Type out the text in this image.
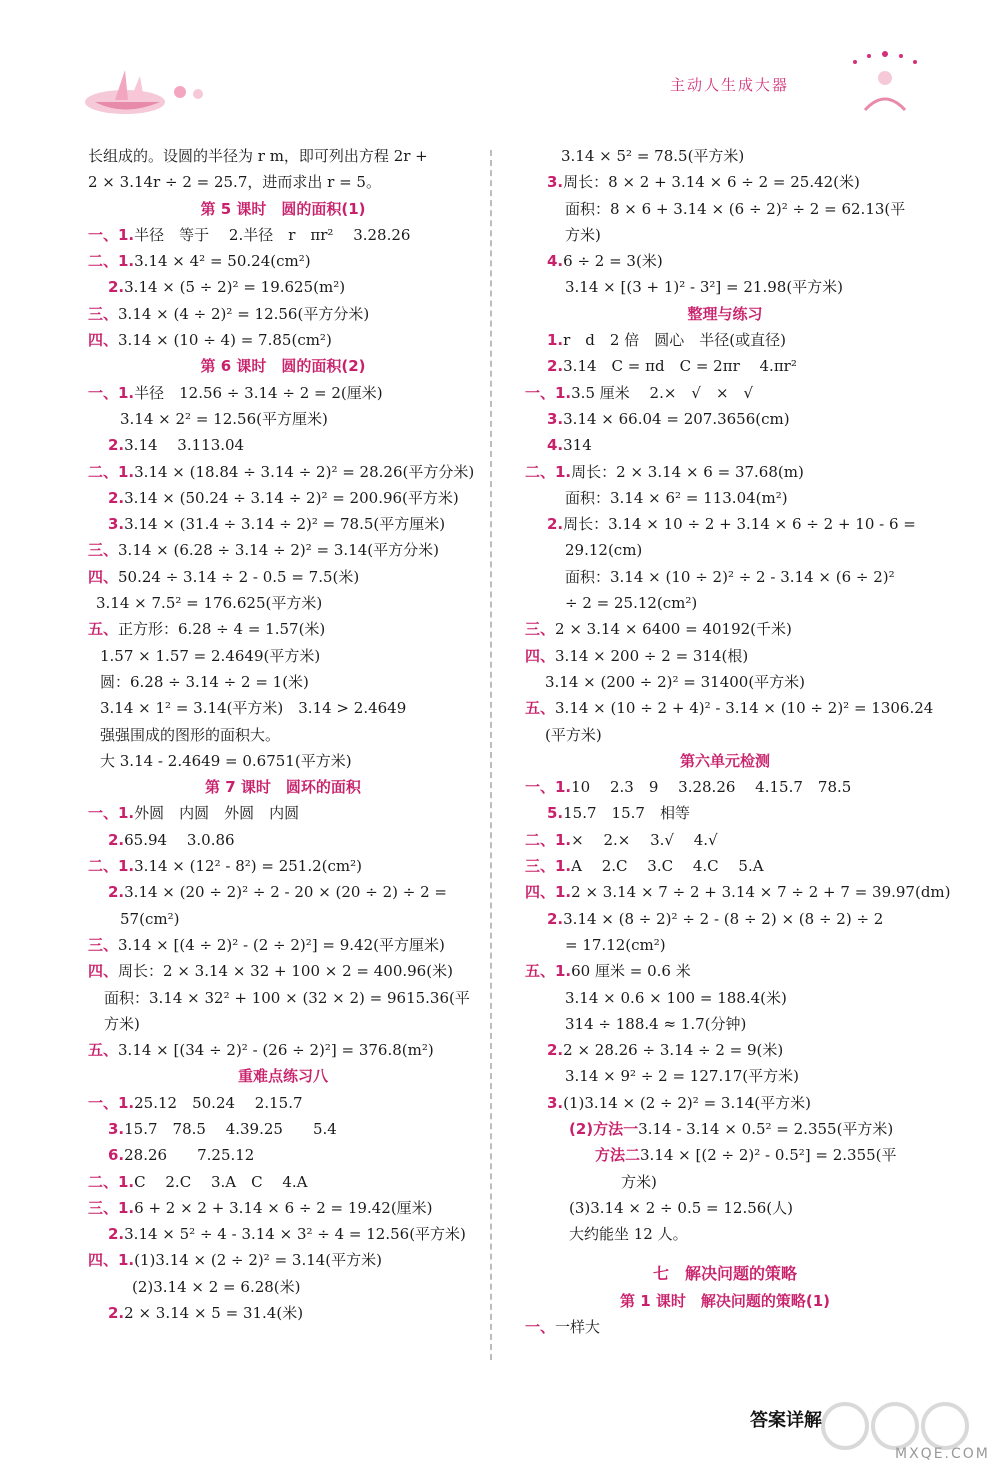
主动人生成大器
长组成的。设圆的半径为 r m，即可列出方程 2r +
2 × 3.14r ÷ 2 = 25.7，进而求出 r = 5。
第 5 课时　圆的面积(1)
一、1.半径　等于　 2.半径　r　πr²　 3.28.26
二、1.3.14 × 4² = 50.24(cm²)
2.3.14 × (5 ÷ 2)² = 19.625(m²)
三、3.14 × (4 ÷ 2)² = 12.56(平方分米)
四、3.14 × (10 ÷ 4) = 7.85(cm²)
第 6 课时　圆的面积(2)
一、1.半径　12.56 ÷ 3.14 ÷ 2 = 2(厘米)
3.14 × 2² = 12.56(平方厘米)
2.3.14　 3.113.04
二、1.3.14 × (18.84 ÷ 3.14 ÷ 2)² = 28.26(平方分米)
2.3.14 × (50.24 ÷ 3.14 ÷ 2)² = 200.96(平方米)
3.3.14 × (31.4 ÷ 3.14 ÷ 2)² = 78.5(平方厘米)
三、3.14 × (6.28 ÷ 3.14 ÷ 2)² = 3.14(平方分米)
四、50.24 ÷ 3.14 ÷ 2 - 0.5 = 7.5(米)
3.14 × 7.5² = 176.625(平方米)
五、正方形：6.28 ÷ 4 = 1.57(米)
1.57 × 1.57 = 2.4649(平方米)
圆：6.28 ÷ 3.14 ÷ 2 = 1(米)
3.14 × 1² = 3.14(平方米)　3.14 > 2.4649
强强围成的图形的面积大。
大 3.14 - 2.4649 = 0.6751(平方米)
第 7 课时　圆环的面积
一、1.外圆　内圆　外圆　内圆
2.65.94　 3.0.86
二、1.3.14 × (12² - 8²) = 251.2(cm²)
2.3.14 × (20 ÷ 2)² ÷ 2 - 20 × (20 ÷ 2) ÷ 2 =
57(cm²)
三、3.14 × [(4 ÷ 2)² - (2 ÷ 2)²] = 9.42(平方厘米)
四、周长：2 × 3.14 × 32 + 100 × 2 = 400.96(米)
面积：3.14 × 32² + 100 × (32 × 2) = 9615.36(平
方米)
五、3.14 × [(34 ÷ 2)² - (26 ÷ 2)²] = 376.8(m²)
重难点练习八
一、1.25.12　50.24　 2.15.7
3.15.7　78.5　 4.39.25　　5.4
6.28.26　　7.25.12
二、1.C　 2.C　 3.A　C　 4.A
三、1.6 + 2 × 2 + 3.14 × 6 ÷ 2 = 19.42(厘米)
2.3.14 × 5² ÷ 4 - 3.14 × 3² ÷ 4 = 12.56(平方米)
四、1.(1)3.14 × (2 ÷ 2)² = 3.14(平方米)
(2)3.14 × 2 = 6.28(米)
2.2 × 3.14 × 5 = 31.4(米)
3.14 × 5² = 78.5(平方米)
3.周长：8 × 2 + 3.14 × 6 ÷ 2 = 25.42(米)
面积：8 × 6 + 3.14 × (6 ÷ 2)² ÷ 2 = 62.13(平
方米)
4.6 ÷ 2 = 3(米)
3.14 × [(3 + 1)² - 3²] = 21.98(平方米)
整理与练习
1.r　d　2 倍　圆心　半径(或直径)
2.3.14　C = πd　C = 2πr　 4.πr²
一、1.3.5 厘米　 2.×　√　×　√
3.3.14 × 66.04 = 207.3656(cm)
4.314
二、1.周长：2 × 3.14 × 6 = 37.68(m)
面积：3.14 × 6² = 113.04(m²)
2.周长：3.14 × 10 ÷ 2 + 3.14 × 6 ÷ 2 + 10 - 6 =
29.12(cm)
面积：3.14 × (10 ÷ 2)² ÷ 2 - 3.14 × (6 ÷ 2)²
÷ 2 = 25.12(cm²)
三、2 × 3.14 × 6400 = 40192(千米)
四、3.14 × 200 ÷ 2 = 314(根)
3.14 × (200 ÷ 2)² = 31400(平方米)
五、3.14 × (10 ÷ 2 + 4)² - 3.14 × (10 ÷ 2)² = 1306.24
(平方米)
第六单元检测
一、1.10　 2.3　9　 3.28.26　 4.15.7　78.5
5.15.7　15.7　相等
二、1.×　 2.×　 3.√　 4.√
三、1.A　 2.C　 3.C　 4.C　 5.A
四、1.2 × 3.14 × 7 ÷ 2 + 3.14 × 7 ÷ 2 + 7 = 39.97(dm)
2.3.14 × (8 ÷ 2)² ÷ 2 - (8 ÷ 2) × (8 ÷ 2) ÷ 2
= 17.12(cm²)
五、1.60 厘米 = 0.6 米
3.14 × 0.6 × 100 = 188.4(米)
314 ÷ 188.4 ≈ 1.7(分钟)
2.2 × 28.26 ÷ 3.14 ÷ 2 = 9(米)
3.14 × 9² ÷ 2 = 127.17(平方米)
3.(1)3.14 × (2 ÷ 2)² = 3.14(平方米)
(2)方法一3.14 - 3.14 × 0.5² = 2.355(平方米)
方法二3.14 × [(2 ÷ 2)² - 0.5²] = 2.355(平
方米)
(3)3.14 × 2 ÷ 0.5 = 12.56(人)
大约能坐 12 人。
七　解决问题的策略
第 1 课时　解决问题的策略(1)
一、一样大
答案详解
MXQE.COM
